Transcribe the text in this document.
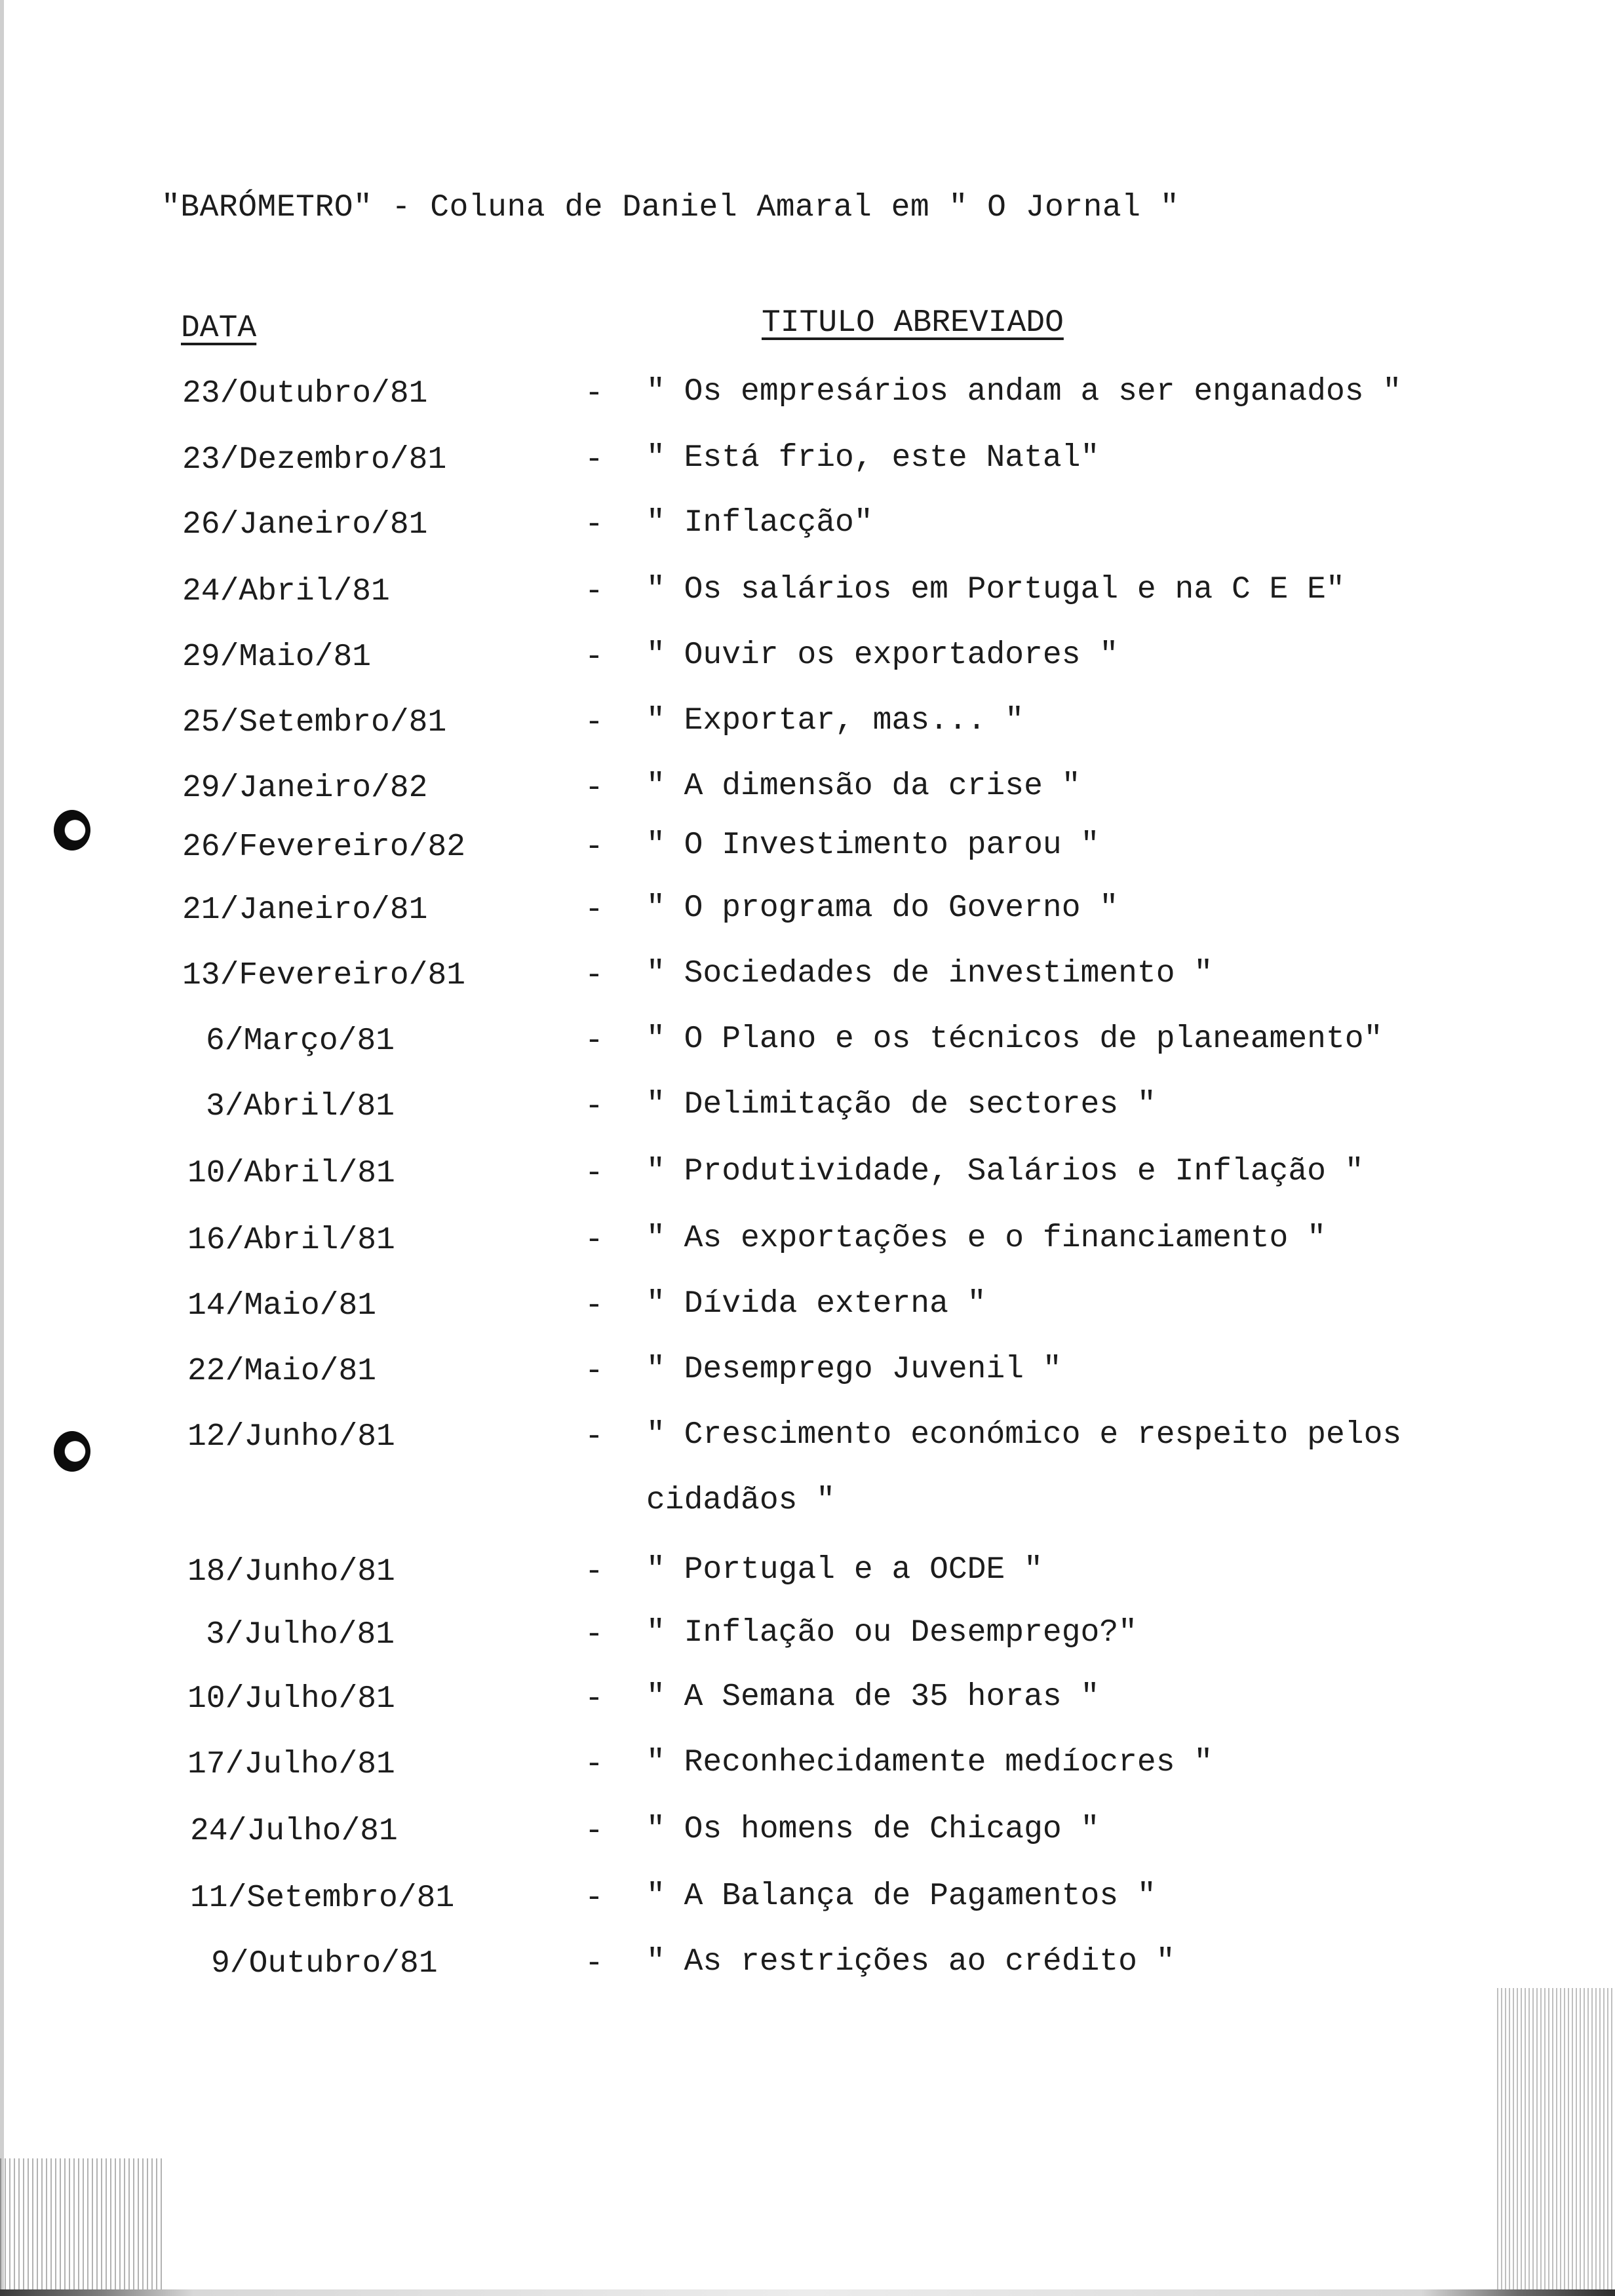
"BARÓMETRO" - Coluna de Daniel Amaral em " O Jornal "
DATA	TITULO ABREVIADO
23/Outubro/81	- " Os empresários andam a ser enganados "
23/Dezembro/81	- " Está frio, este Natal"
26/Janeiro/81	- " Inflacção"
24/Abril/81	- " Os salários em Portugal e na C E E"
29/Maio/81	- " Ouvir os exportadores "
25/Setembro/81	- " Exportar, mas... "
29/Janeiro/82	- " A dimensão da crise "
26/Fevereiro/82	- " O Investimento parou "
21/Janeiro/81	- " O programa do Governo "
13/Fevereiro/81	- " Sociedades de investimento "
6/Março/81	- " O Plano e os técnicos de planeamento"
3/Abril/81	- " Delimitação de sectores "
10/Abril/81	- " Produtividade, Salários e Inflação "
16/Abril/81	- " As exportações e o financiamento "
14/Maio/81	- " Dívida externa "
22/Maio/81	- " Desemprego Juvenil "
12/Junho/81	- " Crescimento económico e respeito pelos cidadãos "
18/Junho/81	- " Portugal e a OCDE "
3/Julho/81	- " Inflação ou Desemprego?"
10/Julho/81	- " A Semana de 35 horas "
17/Julho/81	- " Reconhecidamente medíocres "
24/Julho/81	- " Os homens de Chicago "
11/Setembro/81	- " A Balança de Pagamentos "
9/Outubro/81	- " As restrições ao crédito "
